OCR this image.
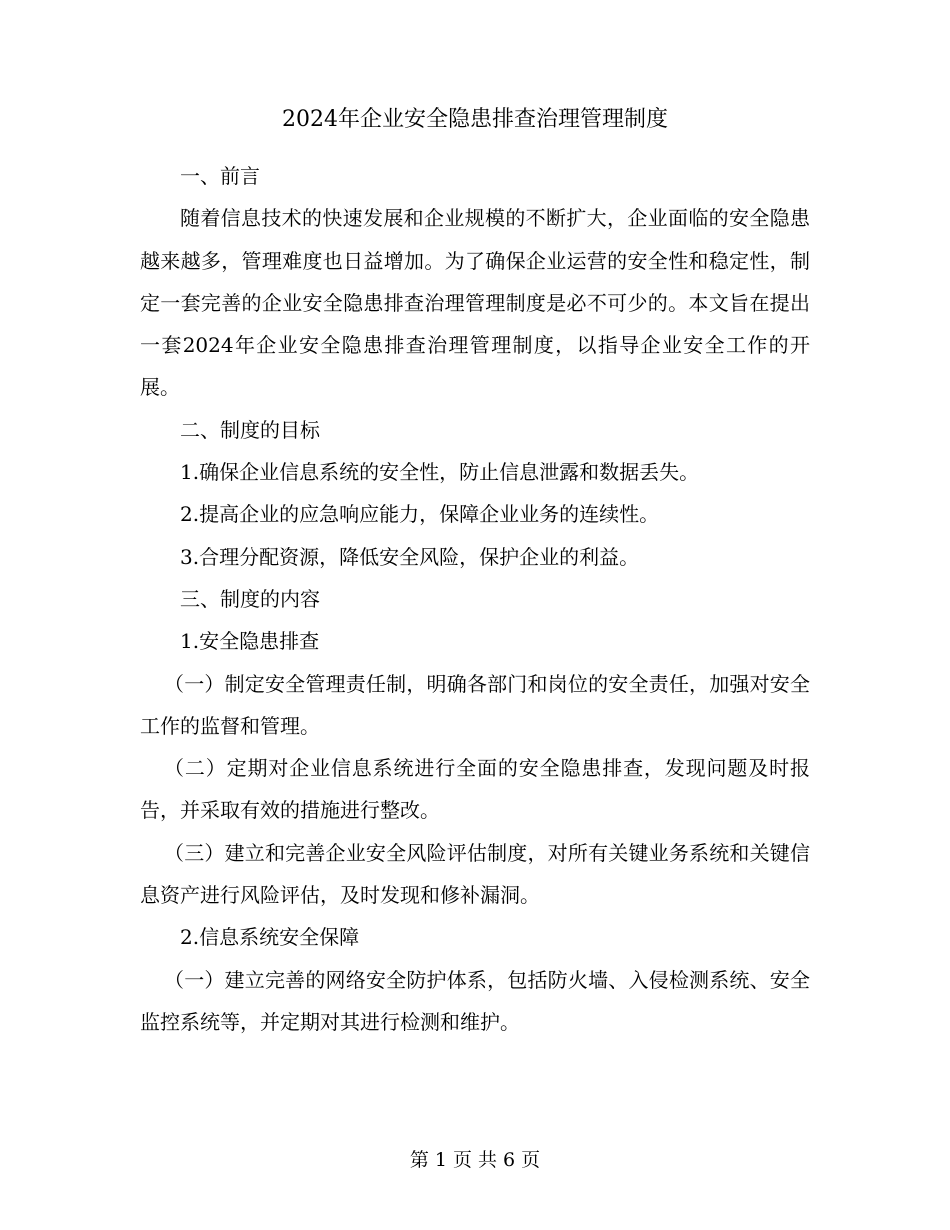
2024年企业安全隐患排查治理管理制度

一、前言

随着信息技术的快速发展和企业规模的不断扩大，企业面临的安全隐患越来越多，管理难度也日益增加。为了确保企业运营的安全性和稳定性，制定一套完善的企业安全隐患排查治理管理制度是必不可少的。本文旨在提出一套2024年企业安全隐患排查治理管理制度，以指导企业安全工作的开展。

二、制度的目标

1.确保企业信息系统的安全性，防止信息泄露和数据丢失。

2.提高企业的应急响应能力，保障企业业务的连续性。

3.合理分配资源，降低安全风险，保护企业的利益。

三、制度的内容

1.安全隐患排查

（一）制定安全管理责任制，明确各部门和岗位的安全责任，加强对安全工作的监督和管理。

（二）定期对企业信息系统进行全面的安全隐患排查，发现问题及时报告，并采取有效的措施进行整改。

（三）建立和完善企业安全风险评估制度，对所有关键业务系统和关键信息资产进行风险评估，及时发现和修补漏洞。

2.信息系统安全保障

（一）建立完善的网络安全防护体系，包括防火墙、入侵检测系统、安全监控系统等，并定期对其进行检测和维护。

第 1 页 共 6 页
